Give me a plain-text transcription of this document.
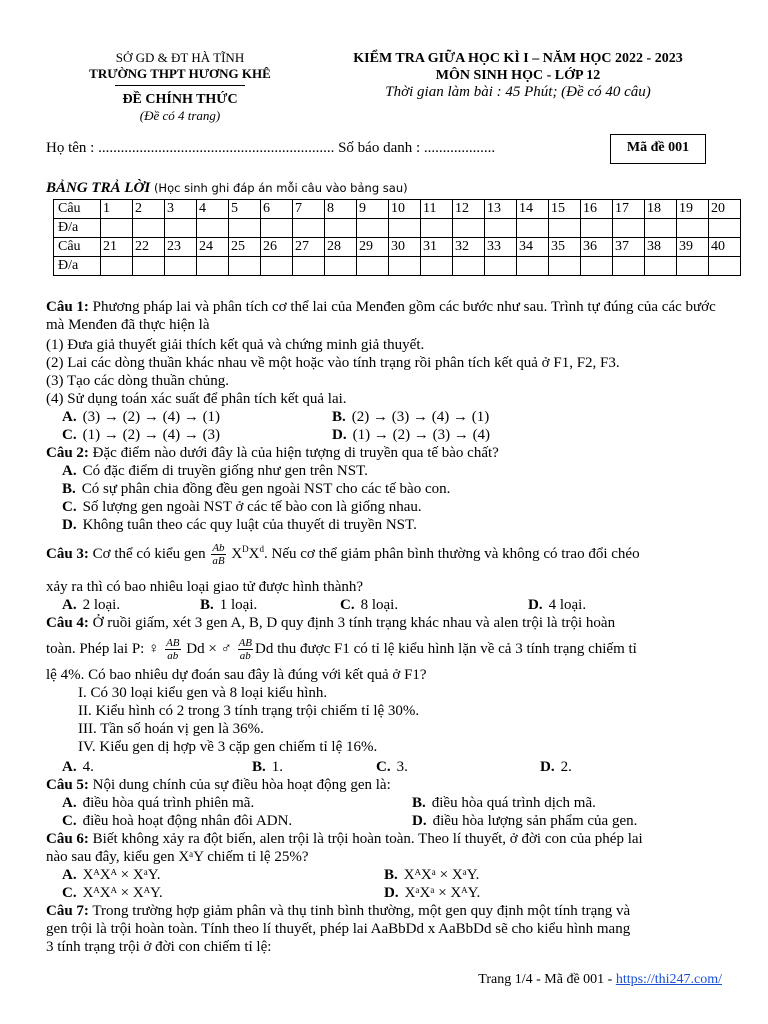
SỞ GD & ĐT HÀ TĨNH
TRƯỜNG THPT HƯƠNG KHÊ
ĐỀ CHÍNH THỨC
(Đề có 4 trang)
KIỂM TRA GIỮA HỌC KÌ I – NĂM HỌC 2022 - 2023
MÔN SINH HỌC - LỚP 12
Thời gian làm bài : 45 Phút; (Đề có 40 câu)
Họ tên : ............................................................... Số báo danh : ...................	Mã đề 001
BẢNG TRẢ LỜI (Học sinh ghi đáp án mỗi câu vào bảng sau)
Câu	1	2	3	4	5	6	7	8	9	10	11	12	13	14	15	16	17	18	19	20
Đ/a																				
Câu	21	22	23	24	25	26	27	28	29	30	31	32	33	34	35	36	37	38	39	40
Đ/a																				
Câu 1: Phương pháp lai và phân tích cơ thể lai của Menđen gồm các bước như sau. Trình tự đúng của các bước mà Menđen đã thực hiện là
(1) Đưa giả thuyết giải thích kết quả và chứng minh giả thuyết.
(2) Lai các dòng thuần khác nhau về một hoặc vào tính trạng rồi phân tích kết quả ở F1, F2, F3.
(3) Tạo các dòng thuần chủng.
(4) Sử dụng toán xác suất để phân tích kết quả lai.
A. (3) → (2) → (4) → (1)	B. (2) → (3) → (4) → (1)
C. (1) → (2) → (4) → (3)	D. (1) → (2) → (3) → (4)
Câu 2: Đặc điểm nào dưới đây là của hiện tượng di truyền qua tế bào chất?
A. Có đặc điểm di truyền giống như gen trên NST.
B. Có sự phân chia đồng đều gen ngoài NST cho các tế bào con.
C. Số lượng gen ngoài NST ở các tế bào con là giống nhau.
D. Không tuân theo các quy luật của thuyết di truyền NST.
Câu 3: Cơ thể có kiểu gen $\frac{Ab}{aB} X^DX^d$. Nếu cơ thể giảm phân bình thường và không có trao đổi chéo
xảy ra thì có bao nhiêu loại giao tử được hình thành?
A. 2 loại.	B. 1 loại.	C. 8 loại.	D. 4 loại.
Câu 4: Ở ruồi giấm, xét 3 gen A, B, D quy định 3 tính trạng khác nhau và alen trội là trội hoàn
toàn. Phép lai P: ♀ $\frac{AB}{ab}$ Dd × ♂ $\frac{AB}{ab}$ Dd thu được F1 có tỉ lệ kiểu hình lặn về cả 3 tính trạng chiếm tỉ
lệ 4%. Có bao nhiêu dự đoán sau đây là đúng với kết quả ở F1?
I. Có 30 loại kiểu gen và 8 loại kiểu hình.
II. Kiểu hình có 2 trong 3 tính trạng trội chiếm tỉ lệ 30%.
III. Tần số hoán vị gen là 36%.
IV. Kiểu gen dị hợp về 3 cặp gen chiếm tỉ lệ 16%.
A. 4.	B. 1.	C. 3.	D. 2.
Câu 5: Nội dung chính của sự điều hòa hoạt động gen là:
A. điều hòa quá trình phiên mã.	B. điều hòa quá trình dịch mã.
C. điều hoà hoạt động nhân đôi ADN.	D. điều hòa lượng sản phẩm của gen.
Câu 6: Biết không xảy ra đột biến, alen trội là trội hoàn toàn. Theo lí thuyết, ở đời con của phép lai
nào sau đây, kiểu gen XᵃY chiếm tỉ lệ 25%?
A. XᴬXᴬ × XᵃY.	B. XᴬXᵃ × XᵃY.
C. XᴬXᴬ × XᴬY.	D. XᵃXᵃ × XᴬY.
Câu 7: Trong trường hợp giảm phân và thụ tinh bình thường, một gen quy định một tính trạng và
gen trội là trội hoàn toàn. Tính theo lí thuyết, phép lai AaBbDd x AaBbDd sẽ cho kiểu hình mang
3 tính trạng trội ở đời con chiếm tỉ lệ:
Trang 1/4 - Mã đề 001 - https://thi247.com/
